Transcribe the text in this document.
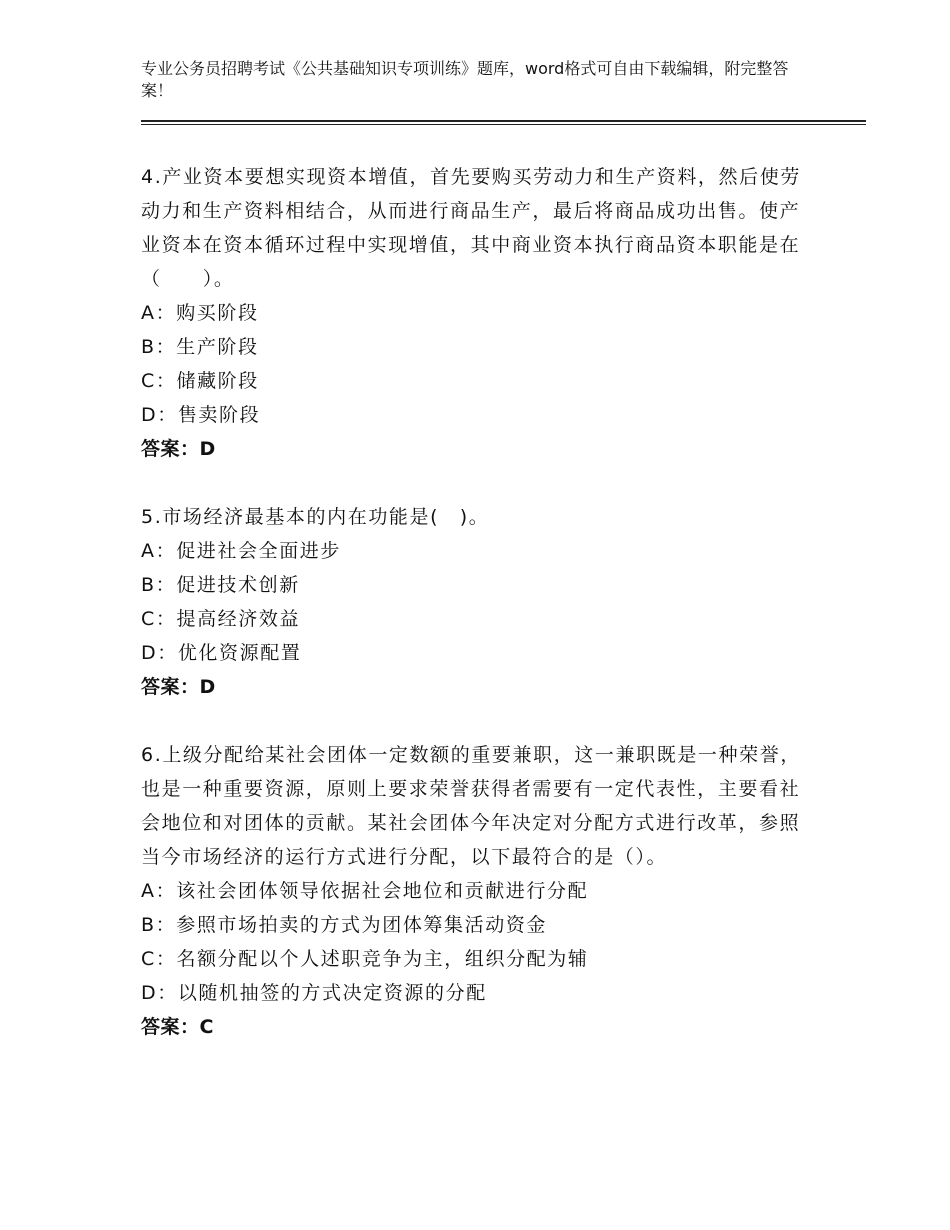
专业公务员招聘考试《公共基础知识专项训练》题库，word格式可自由下载编辑，附完整答案！

4.产业资本要想实现资本增值，首先要购买劳动力和生产资料，然后使劳动力和生产资料相结合，从而进行商品生产，最后将商品成功出售。使产业资本在资本循环过程中实现增值，其中商业资本执行商品资本职能是在（　　）。

A：购买阶段

B：生产阶段

C：储藏阶段

D：售卖阶段

答案：D

5.市场经济最基本的内在功能是(　)。

A：促进社会全面进步

B：促进技术创新

C：提高经济效益

D：优化资源配置

答案：D

6.上级分配给某社会团体一定数额的重要兼职，这一兼职既是一种荣誉，也是一种重要资源，原则上要求荣誉获得者需要有一定代表性，主要看社会地位和对团体的贡献。某社会团体今年决定对分配方式进行改革，参照当今市场经济的运行方式进行分配，以下最符合的是（）。

A：该社会团体领导依据社会地位和贡献进行分配

B：参照市场拍卖的方式为团体筹集活动资金

C：名额分配以个人述职竞争为主，组织分配为辅

D：以随机抽签的方式决定资源的分配

答案：C
